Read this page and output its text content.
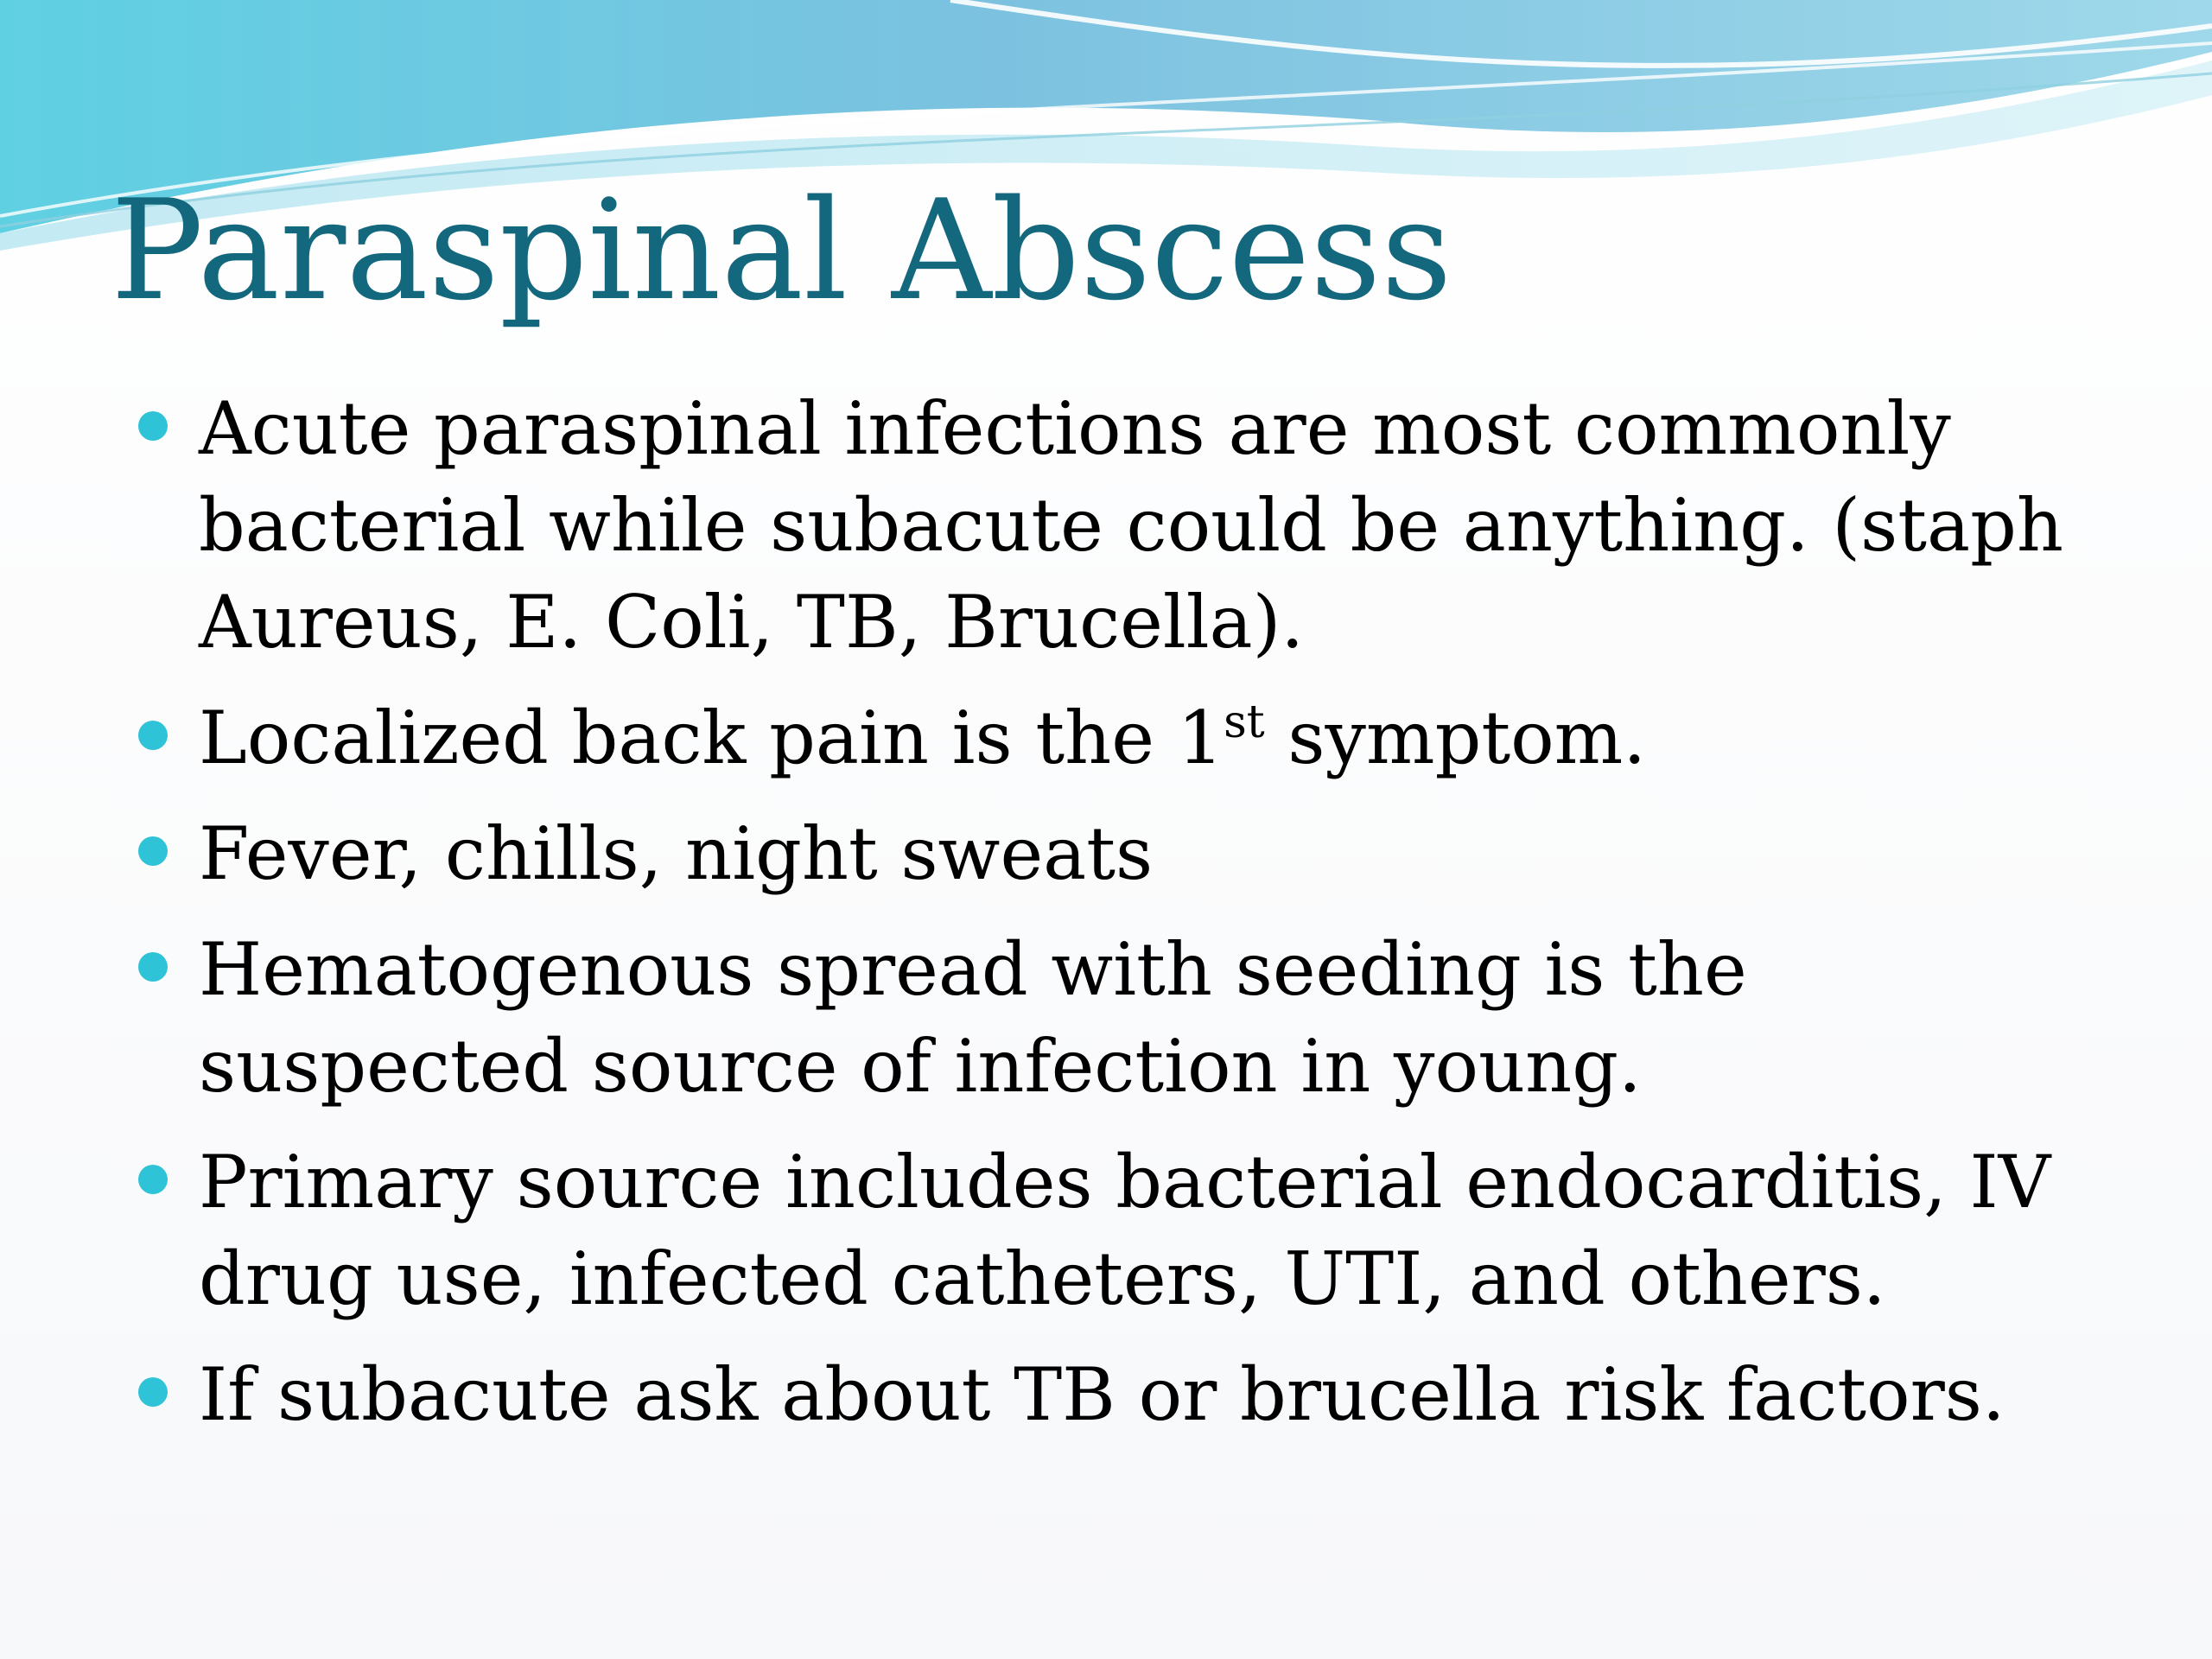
Paraspinal Abscess
Acute paraspinal infections are most commonly bacterial while subacute could be anything. (staph Aureus, E. Coli, TB, Brucella).
Localized back pain is the 1st symptom.
Fever, chills, night sweats
Hematogenous spread with seeding is the suspected source of infection in young.
Primary source includes bacterial endocarditis, IV drug use, infected catheters, UTI, and others.
If subacute ask about TB or brucella risk factors.
